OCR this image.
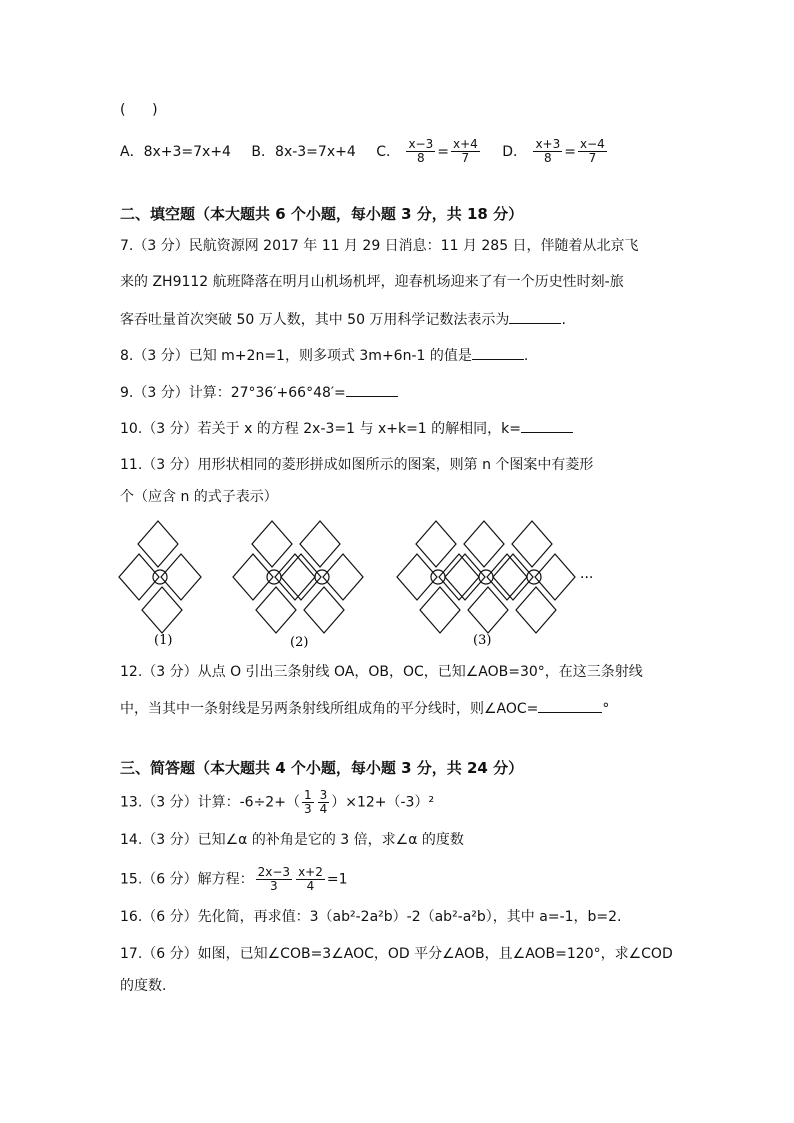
(      )
A．8x+3=7x+4 B．8x-3=7x+4 C． $\frac{x-3}{8} = \frac{x+4}{7}$ D． $\frac{x+3}{8} = \frac{x-4}{7}$
二、填空题（本大题共 6 个小题，每小题 3 分，共 18 分）
7.（3 分）民航资源网 2017 年 11 月 29 日消息：11 月 285 日，伴随着从北京飞
来的 ZH9112 航班降落在明月山机场机坪，迎春机场迎来了有一个历史性时刻-旅
客吞吐量首次突破 50 万人数，其中 50 万用科学记数法表示为	.
8.（3 分）已知 m+2n=1，则多项式 3m+6n-1 的值是	.
9.（3 分）计算：27°36′+66°48′=
10.（3 分）若关于 x 的方程 2x-3=1 与 x+k=1 的解相同，k=
11.（3 分）用形状相同的菱形拼成如图所示的图案，则第 n 个图案中有菱形
个（应含 n 的式子表示）
(1)	(2)	(3)
...
12.（3 分）从点 O 引出三条射线 OA，OB，OC，已知∠AOB=30°，在这三条射线
中，当其中一条射线是另两条射线所组成角的平分线时，则∠AOC=	°
三、简答题（本大题共 4 个小题，每小题 3 分，共 24 分）
13.（3 分）计算：$-6\div 2+( \frac{1}{3} \frac{3}{4} )\times 12+(-3)^2$
14.（3 分）已知∠α 的补角是它的 3 倍，求∠α 的度数
15.（6 分）解方程： $\frac{2x-3}{3} \frac{x+2}{4} =1$
16.（6 分）先化简，再求值：3（ab²-2a²b）-2（ab²-a²b），其中 a=-1，b=2.
17.（6 分）如图，已知∠COB=3∠AOC，OD 平分∠AOB，且∠AOB=120°，求∠COD
的度数.
